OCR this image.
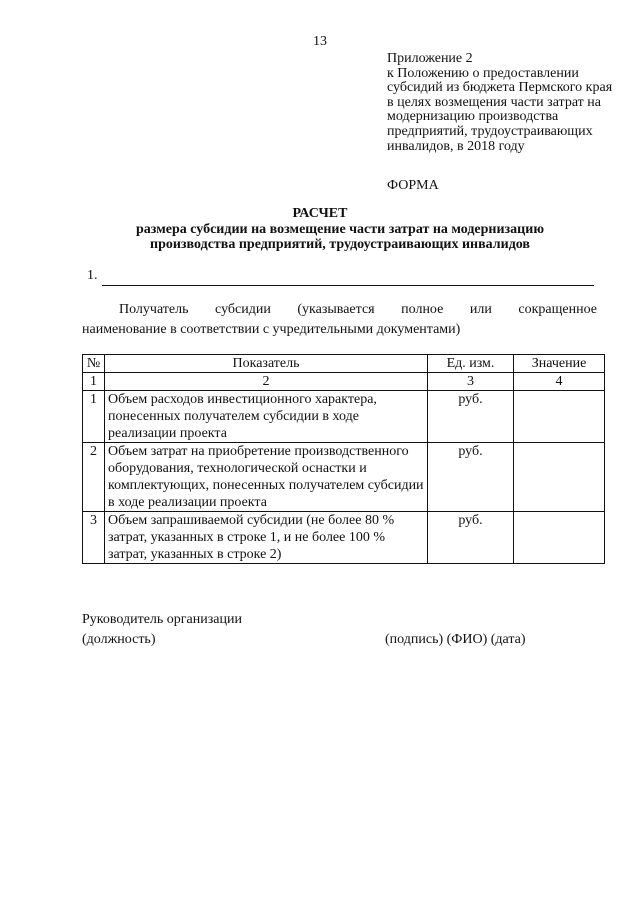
13
Приложение 2
к Положению о предоставлении субсидий из бюджета Пермского края в целях возмещения части затрат на модернизацию производства предприятий, трудоустраивающих инвалидов, в 2018 году
ФОРМА
РАСЧЕТ
размера субсидии на возмещение части затрат на модернизацию производства предприятий, трудоустраивающих инвалидов
1.
Получатель субсидии (указывается полное или сокращенное
наименование в соответствии с учредительными документами)
№	Показатель	Ед. изм.	Значение
1	2	3	4
1	Объем расходов инвестиционного характера, понесенных получателем субсидии в ходе реализации проекта	руб.	
2	Объем затрат на приобретение производственного оборудования, технологической оснастки и комплектующих, понесенных получателем субсидии в ходе реализации проекта	руб.	
3	Объем запрашиваемой субсидии (не более 80 % затрат, указанных в строке 1, и не более 100 % затрат, указанных в строке 2)	руб.	
Руководитель организации
(должность)	(подпись) (ФИО) (дата)
